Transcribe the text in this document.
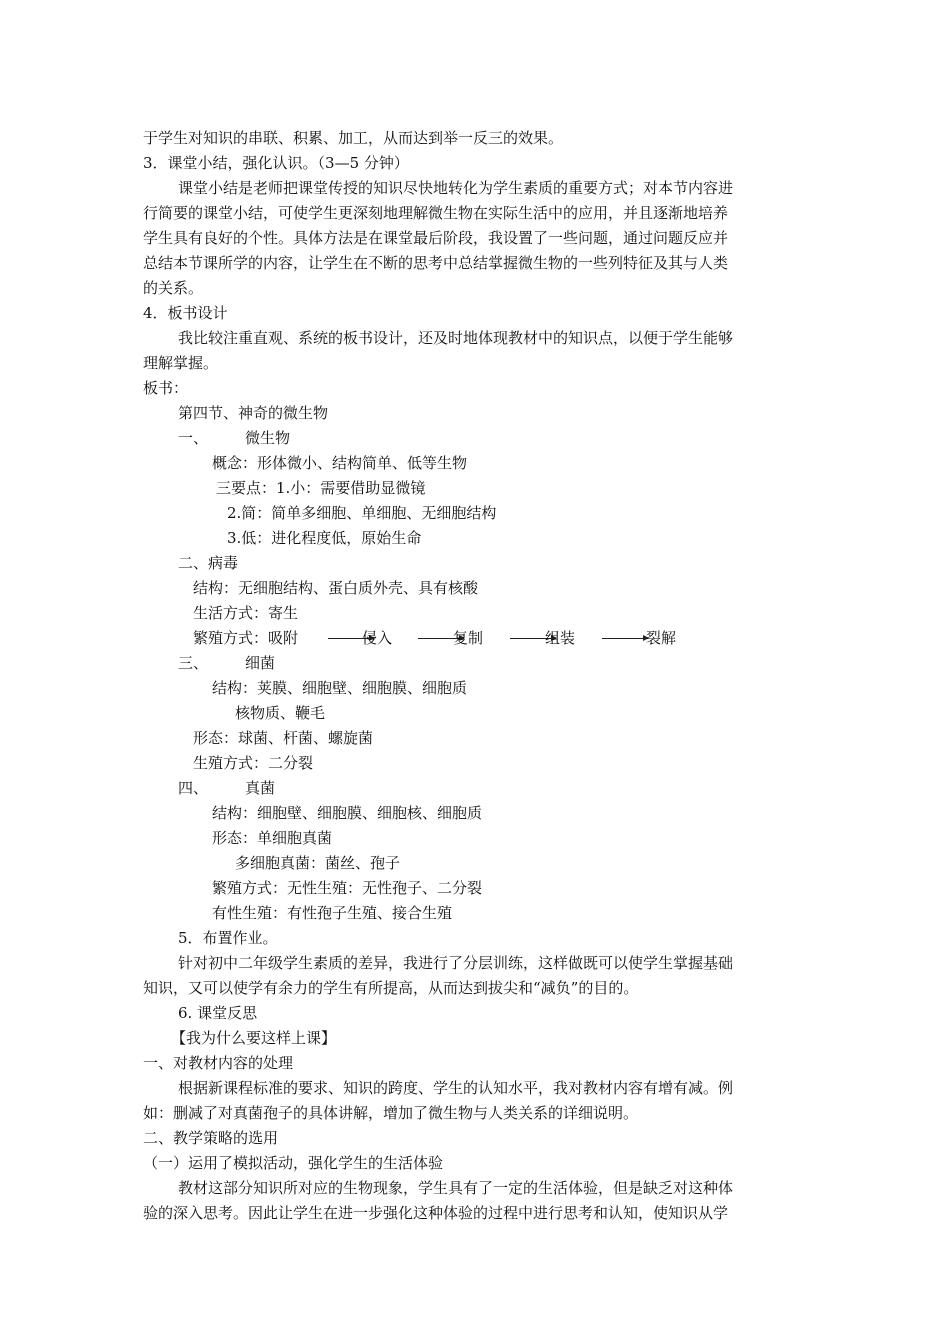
于学生对知识的串联、积累、加工，从而达到举一反三的效果。
3．课堂小结，强化认识。（3—5 分钟）
课堂小结是老师把课堂传授的知识尽快地转化为学生素质的重要方式；对本节内容进
行简要的课堂小结，可使学生更深刻地理解微生物在实际生活中的应用，并且逐渐地培养
学生具有良好的个性。具体方法是在课堂最后阶段，我设置了一些问题，通过问题反应并
总结本节课所学的内容，让学生在不断的思考中总结掌握微生物的一些列特征及其与人类
的关系。
4．板书设计
我比较注重直观、系统的板书设计，还及时地体现教材中的知识点，以便于学生能够
理解掌握。
板书：
第四节、神奇的微生物
一、 微生物
概念：形体微小、结构简单、低等生物
三要点：1.小：需要借助显微镜
2.简：简单多细胞、单细胞、无细胞结构
3.低：进化程度低，原始生命
二、病毒
结构：无细胞结构、蛋白质外壳、具有核酸
生活方式：寄生
繁殖方式：吸附	侵入	复制	组装	裂解
三、 细菌
结构：荚膜、细胞壁、细胞膜、细胞质
核物质、鞭毛
形态：球菌、杆菌、螺旋菌
生殖方式：二分裂
四、 真菌
结构：细胞壁、细胞膜、细胞核、细胞质
形态：单细胞真菌
多细胞真菌：菌丝、孢子
繁殖方式：无性生殖：无性孢子、二分裂
有性生殖：有性孢子生殖、接合生殖
5．布置作业。
针对初中二年级学生素质的差异，我进行了分层训练，这样做既可以使学生掌握基础
知识，又可以使学有余力的学生有所提高，从而达到拔尖和“减负”的目的。
6. 课堂反思
【我为什么要这样上课】
一、对教材内容的处理
根据新课程标准的要求、知识的跨度、学生的认知水平，我对教材内容有增有减。例
如：删减了对真菌孢子的具体讲解，增加了微生物与人类关系的详细说明。
二、教学策略的选用
（一）运用了模拟活动，强化学生的生活体验
教材这部分知识所对应的生物现象，学生具有了一定的生活体验，但是缺乏对这种体
验的深入思考。因此让学生在进一步强化这种体验的过程中进行思考和认知，使知识从学
